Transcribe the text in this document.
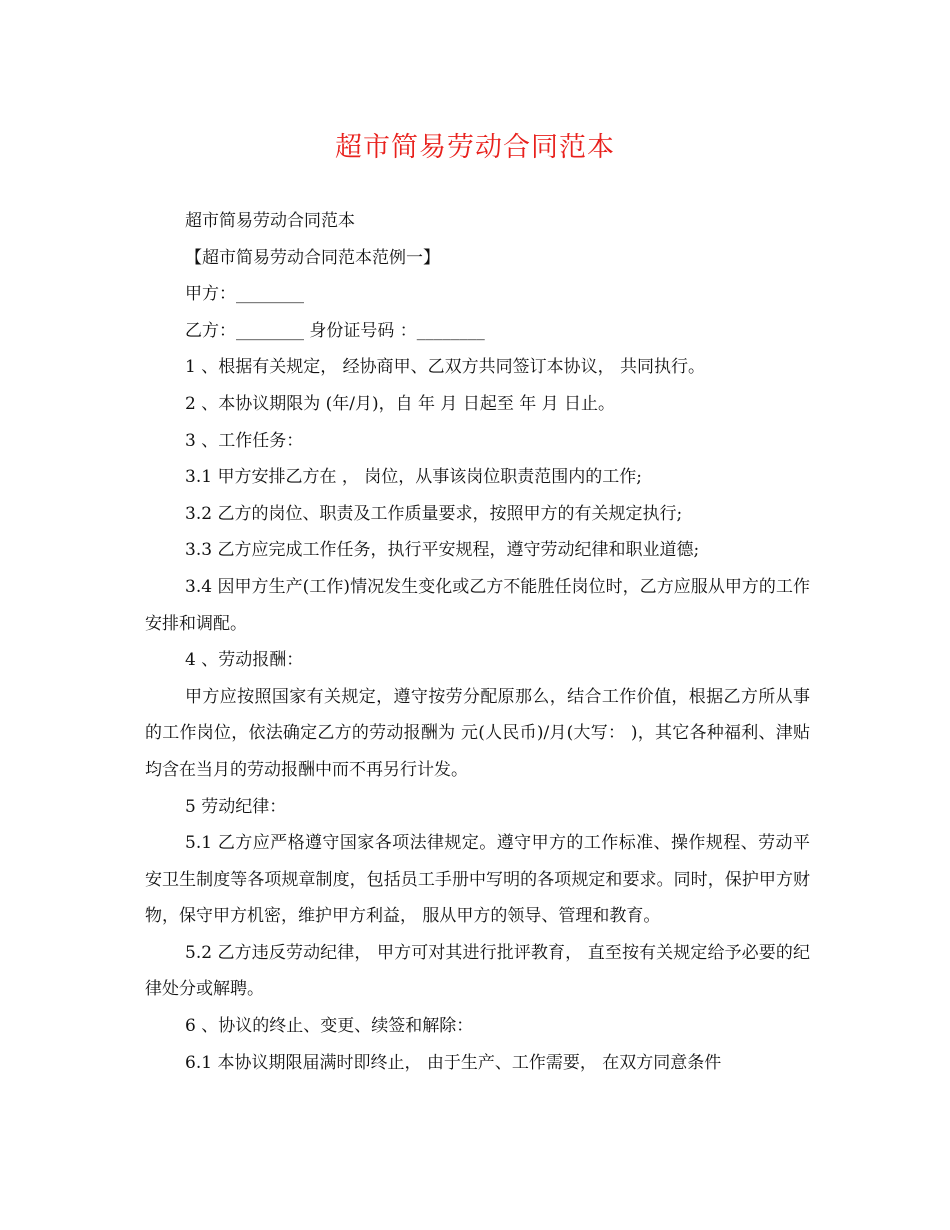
超市简易劳动合同范本

超市简易劳动合同范本

【超市简易劳动合同范本范例一】

甲方：________

乙方：________ 身份证号码 ：________

1 、根据有关规定， 经协商甲、乙双方共同签订本协议， 共同执行。

2 、本协议期限为 (年/月)，自 年 月 日起至 年 月 日止。

3 、工作任务：

3.1 甲方安排乙方在 ， 岗位，从事该岗位职责范围内的工作;

3.2 乙方的岗位、职责及工作质量要求，按照甲方的有关规定执行;

3.3 乙方应完成工作任务，执行平安规程，遵守劳动纪律和职业道德;

3.4 因甲方生产(工作)情况发生变化或乙方不能胜任岗位时，乙方应服从甲方的工作安排和调配。

4 、劳动报酬：

甲方应按照国家有关规定，遵守按劳分配原那么，结合工作价值，根据乙方所从事的工作岗位，依法确定乙方的劳动报酬为 元(人民币)/月(大写： )，其它各种福利、津贴均含在当月的劳动报酬中而不再另行计发。

5 劳动纪律：

5.1 乙方应严格遵守国家各项法律规定。遵守甲方的工作标准、操作规程、劳动平安卫生制度等各项规章制度，包括员工手册中写明的各项规定和要求。同时，保护甲方财物，保守甲方机密，维护甲方利益， 服从甲方的领导、管理和教育。

5.2 乙方违反劳动纪律， 甲方可对其进行批评教育， 直至按有关规定给予必要的纪律处分或解聘。

6 、协议的终止、变更、续签和解除：

6.1 本协议期限届满时即终止， 由于生产、工作需要， 在双方同意条件
